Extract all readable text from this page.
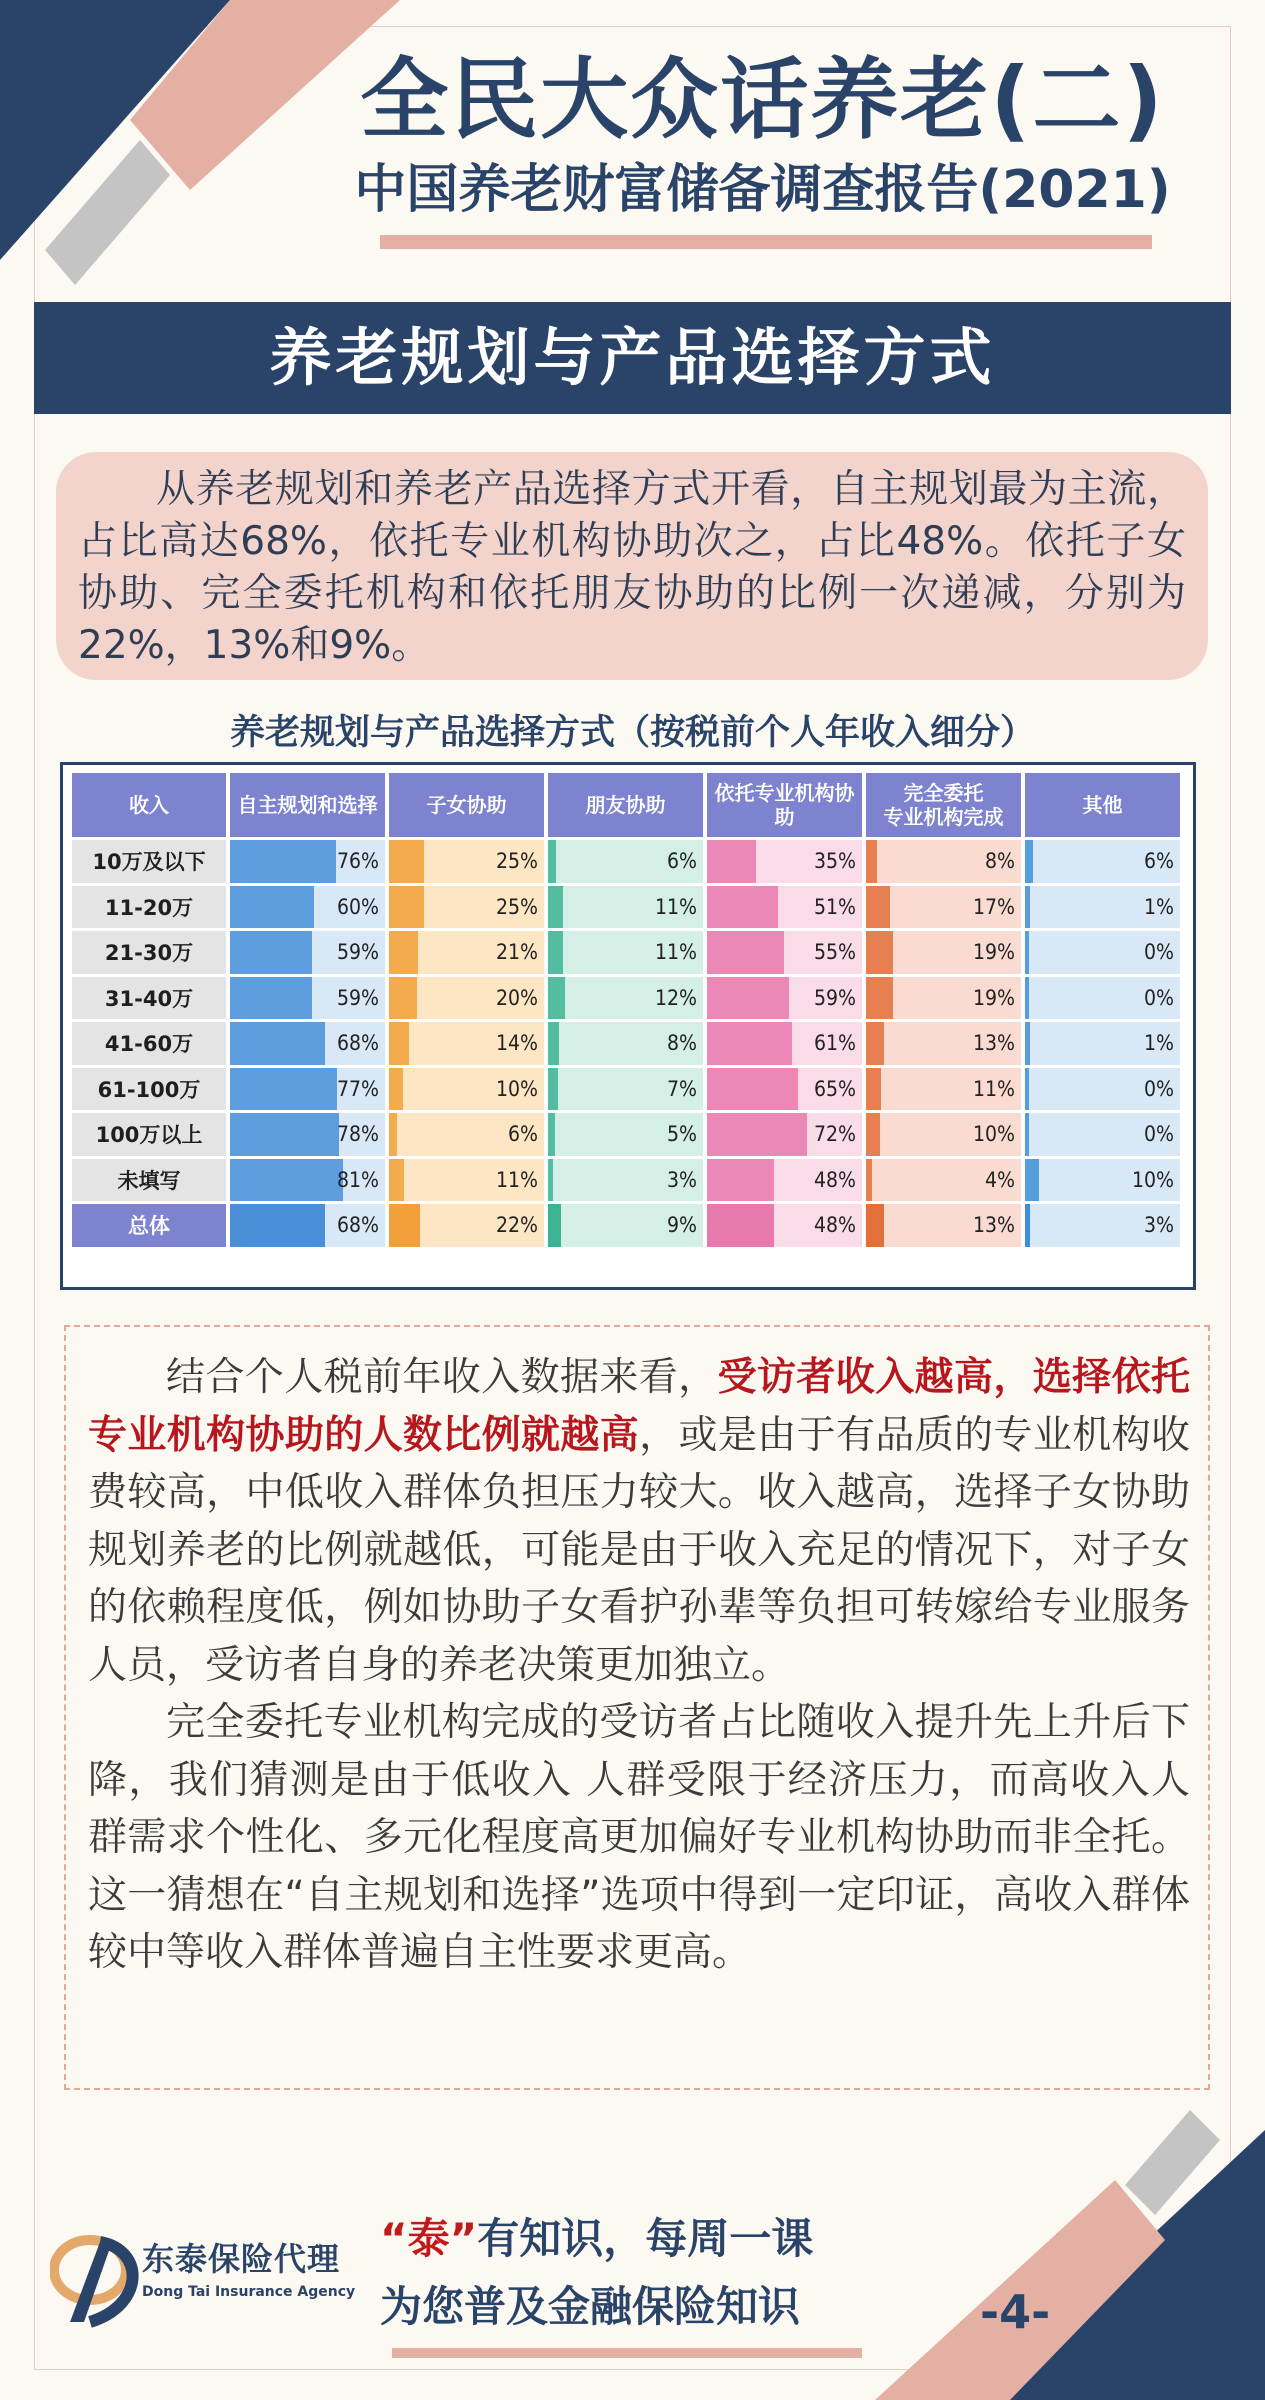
全民大众话养老(二)
中国养老财富储备调查报告(2021)
养老规划与产品选择方式

从养老规划和养老产品选择方式开看，自主规划最为主流，占比高达68%，依托专业机构协助次之，占比48%。依托子女协助、完全委托机构和依托朋友协助的比例一次递减，分别为22%，13%和9%。

养老规划与产品选择方式（按税前个人年收入细分）
收入	自主规划和选择	子女协助	朋友协助	依托专业机构协助	完全委托
专业机构完成	其他
10万及以下	76%	25%	6%	35%	8%	6%

11-20万	60%	25%	11%	51%	17%	1%

21-30万	59%	21%	11%	55%	19%	0%

31-40万	59%	20%	12%	59%	19%	0%

41-60万	68%	14%	8%	61%	13%	1%

61-100万	77%	10%	7%	65%	11%	0%

100万以上	78%	6%	5%	72%	10%	0%

未填写	81%	11%	3%	48%	4%	10%

总体	68%	22%	9%	48%	13%	3%

结合个人税前年收入数据来看，受访者收入越高，选择依托专业机构协助的人数比例就越高，或是由于有品质的专业机构收费较高，中低收入群体负担压力较大。收入越高，选择子女协助规划养老的比例就越低，可能是由于收入充足的情况下，对子女的依赖程度低，例如协助子女看护孙辈等负担可转嫁给专业服务人员，受访者自身的养老决策更加独立。

完全委托专业机构完成的受访者占比随收入提升先上升后下降，我们猜测是由于低收入 人群受限于经济压力，而高收入人群需求个性化、多元化程度高更加偏好专业机构协助而非全托。这一猜想在“自主规划和选择”选项中得到一定印证，高收入群体较中等收入群体普遍自主性要求更高。

东泰保险代理
Dong Tai Insurance Agency
“泰”有知识，每周一课
为您普及金融保险知识	-4-
